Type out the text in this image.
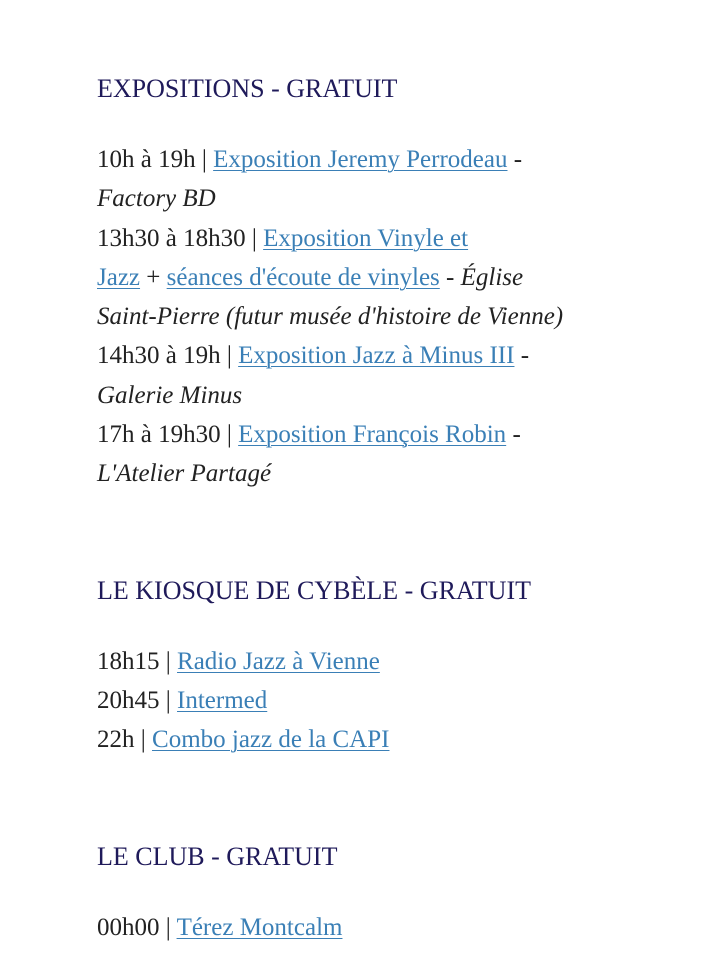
EXPOSITIONS - GRATUIT
10h à 19h | Exposition Jeremy Perrodeau -
Factory BD
13h30 à 18h30 | Exposition Vinyle et
Jazz + séances d'écoute de vinyles - Église
Saint-Pierre (futur musée d'histoire de Vienne)
14h30 à 19h | Exposition Jazz à Minus III -
Galerie Minus
17h à 19h30 | Exposition François Robin -
L'Atelier Partagé
LE KIOSQUE DE CYBÈLE - GRATUIT
18h15 | Radio Jazz à Vienne
20h45 | Intermed
22h | Combo jazz de la CAPI
LE CLUB - GRATUIT
00h00 | Térez Montcalm
